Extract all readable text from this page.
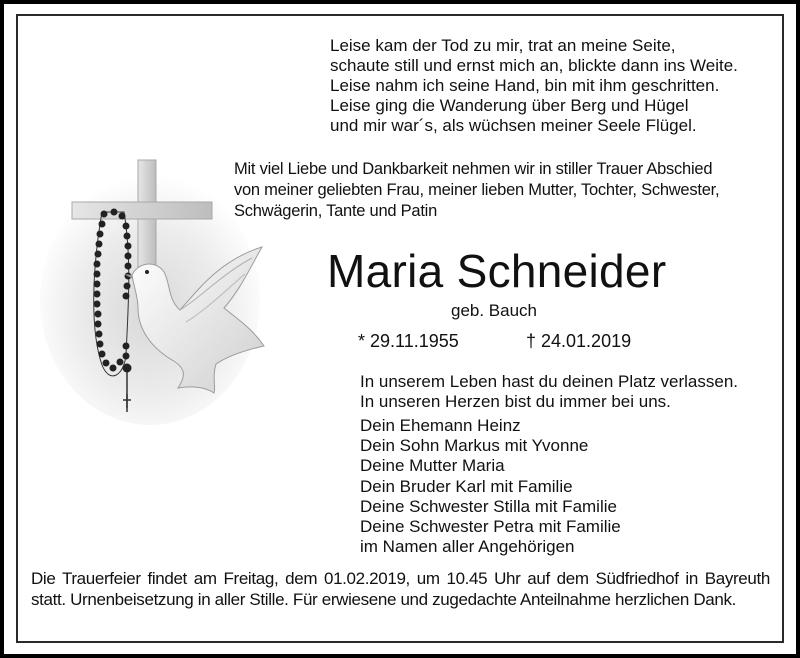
Leise kam der Tod zu mir, trat an meine Seite,
schaute still und ernst mich an, blickte dann ins Weite.
Leise nahm ich seine Hand, bin mit ihm geschritten.
Leise ging die Wanderung über Berg und Hügel
und mir war´s, als wüchsen meiner Seele Flügel.
Mit viel Liebe und Dankbarkeit nehmen wir in stiller Trauer Abschied
von meiner geliebten Frau, meiner lieben Mutter, Tochter, Schwester,
Schwägerin, Tante und Patin
Maria Schneider
geb. Bauch
* 29.11.1955	† 24.01.2019
In unserem Leben hast du deinen Platz verlassen.
In unseren Herzen bist du immer bei uns.
Dein Ehemann Heinz
Dein Sohn Markus mit Yvonne
Deine Mutter Maria
Dein Bruder Karl mit Familie
Deine Schwester Stilla mit Familie
Deine Schwester Petra mit Familie
im Namen aller Angehörigen
Die Trauerfeier findet am Freitag, dem 01.02.2019, um 10.45 Uhr auf dem Südfriedhof in Bayreuth statt. Urnenbeisetzung in aller Stille. Für erwiesene und zugedachte Anteilnahme herzlichen Dank.
